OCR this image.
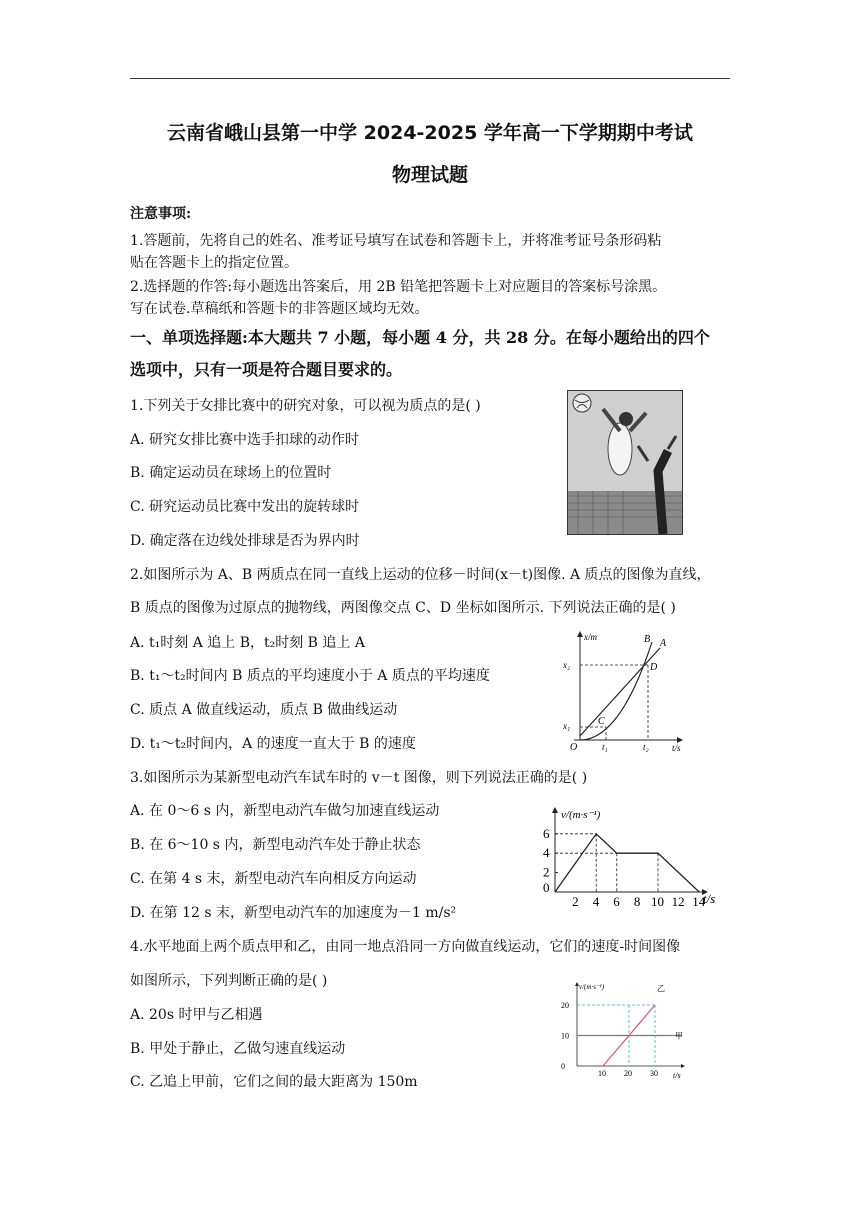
云南省峨山县第一中学 2024-2025 学年高一下学期期中考试
物理试题
注意事项:
1.答题前，先将自己的姓名、准考证号填写在试卷和答题卡上，并将准考证号条形码粘
贴在答题卡上的指定位置。
2.选择题的作答:每小题选出答案后，用 2B 铅笔把答题卡上对应题目的答案标号涂黑。
写在试卷.草稿纸和答题卡的非答题区域均无效。
一、单项选择题:本大题共 7 小题，每小题 4 分，共 28 分。在每小题给出的四个
选项中，只有一项是符合题目要求的。
1.下列关于女排比赛中的研究对象，可以视为质点的是( )
A. 研究女排比赛中选手扣球的动作时
B. 确定运动员在球场上的位置时
C. 研究运动员比赛中发出的旋转球时
D. 确定落在边线处排球是否为界内时
2.如图所示为 A、B 两质点在同一直线上运动的位移－时间(x－t)图像. A 质点的图像为直线，
B 质点的图像为过原点的抛物线，两图像交点 C、D 坐标如图所示. 下列说法正确的是( )
A. t₁时刻 A 追上 B，t₂时刻 B 追上 A
B. t₁～t₂时间内 B 质点的平均速度小于 A 质点的平均速度
C. 质点 A 做直线运动，质点 B 做曲线运动
D. t₁～t₂时间内，A 的速度一直大于 B 的速度
x/m
t/s
O
x₂
x₁
t₁	t₂
B A
C
D
3.如图所示为某新型电动汽车试车时的 v－t 图像，则下列说法正确的是( )
A. 在 0～6 s 内，新型电动汽车做匀加速直线运动
B. 在 6～10 s 内，新型电动汽车处于静止状态
C. 在第 4 s 末，新型电动汽车向相反方向运动
D. 在第 12 s 末，新型电动汽车的加速度为－1 m/s²
v/(m·s⁻¹)
t/s
0
2 4 6 8 10 12 14
2
4
6
4.水平地面上两个质点甲和乙，由同一地点沿同一方向做直线运动，它们的速度-时间图像
如图所示，下列判断正确的是( )
A. 20s 时甲与乙相遇
B. 甲处于静止，乙做匀速直线运动
C. 乙追上甲前，它们之间的最大距离为 150m
v/(m·s⁻¹)
t/s
10 20 30
0
10
20
甲
乙
